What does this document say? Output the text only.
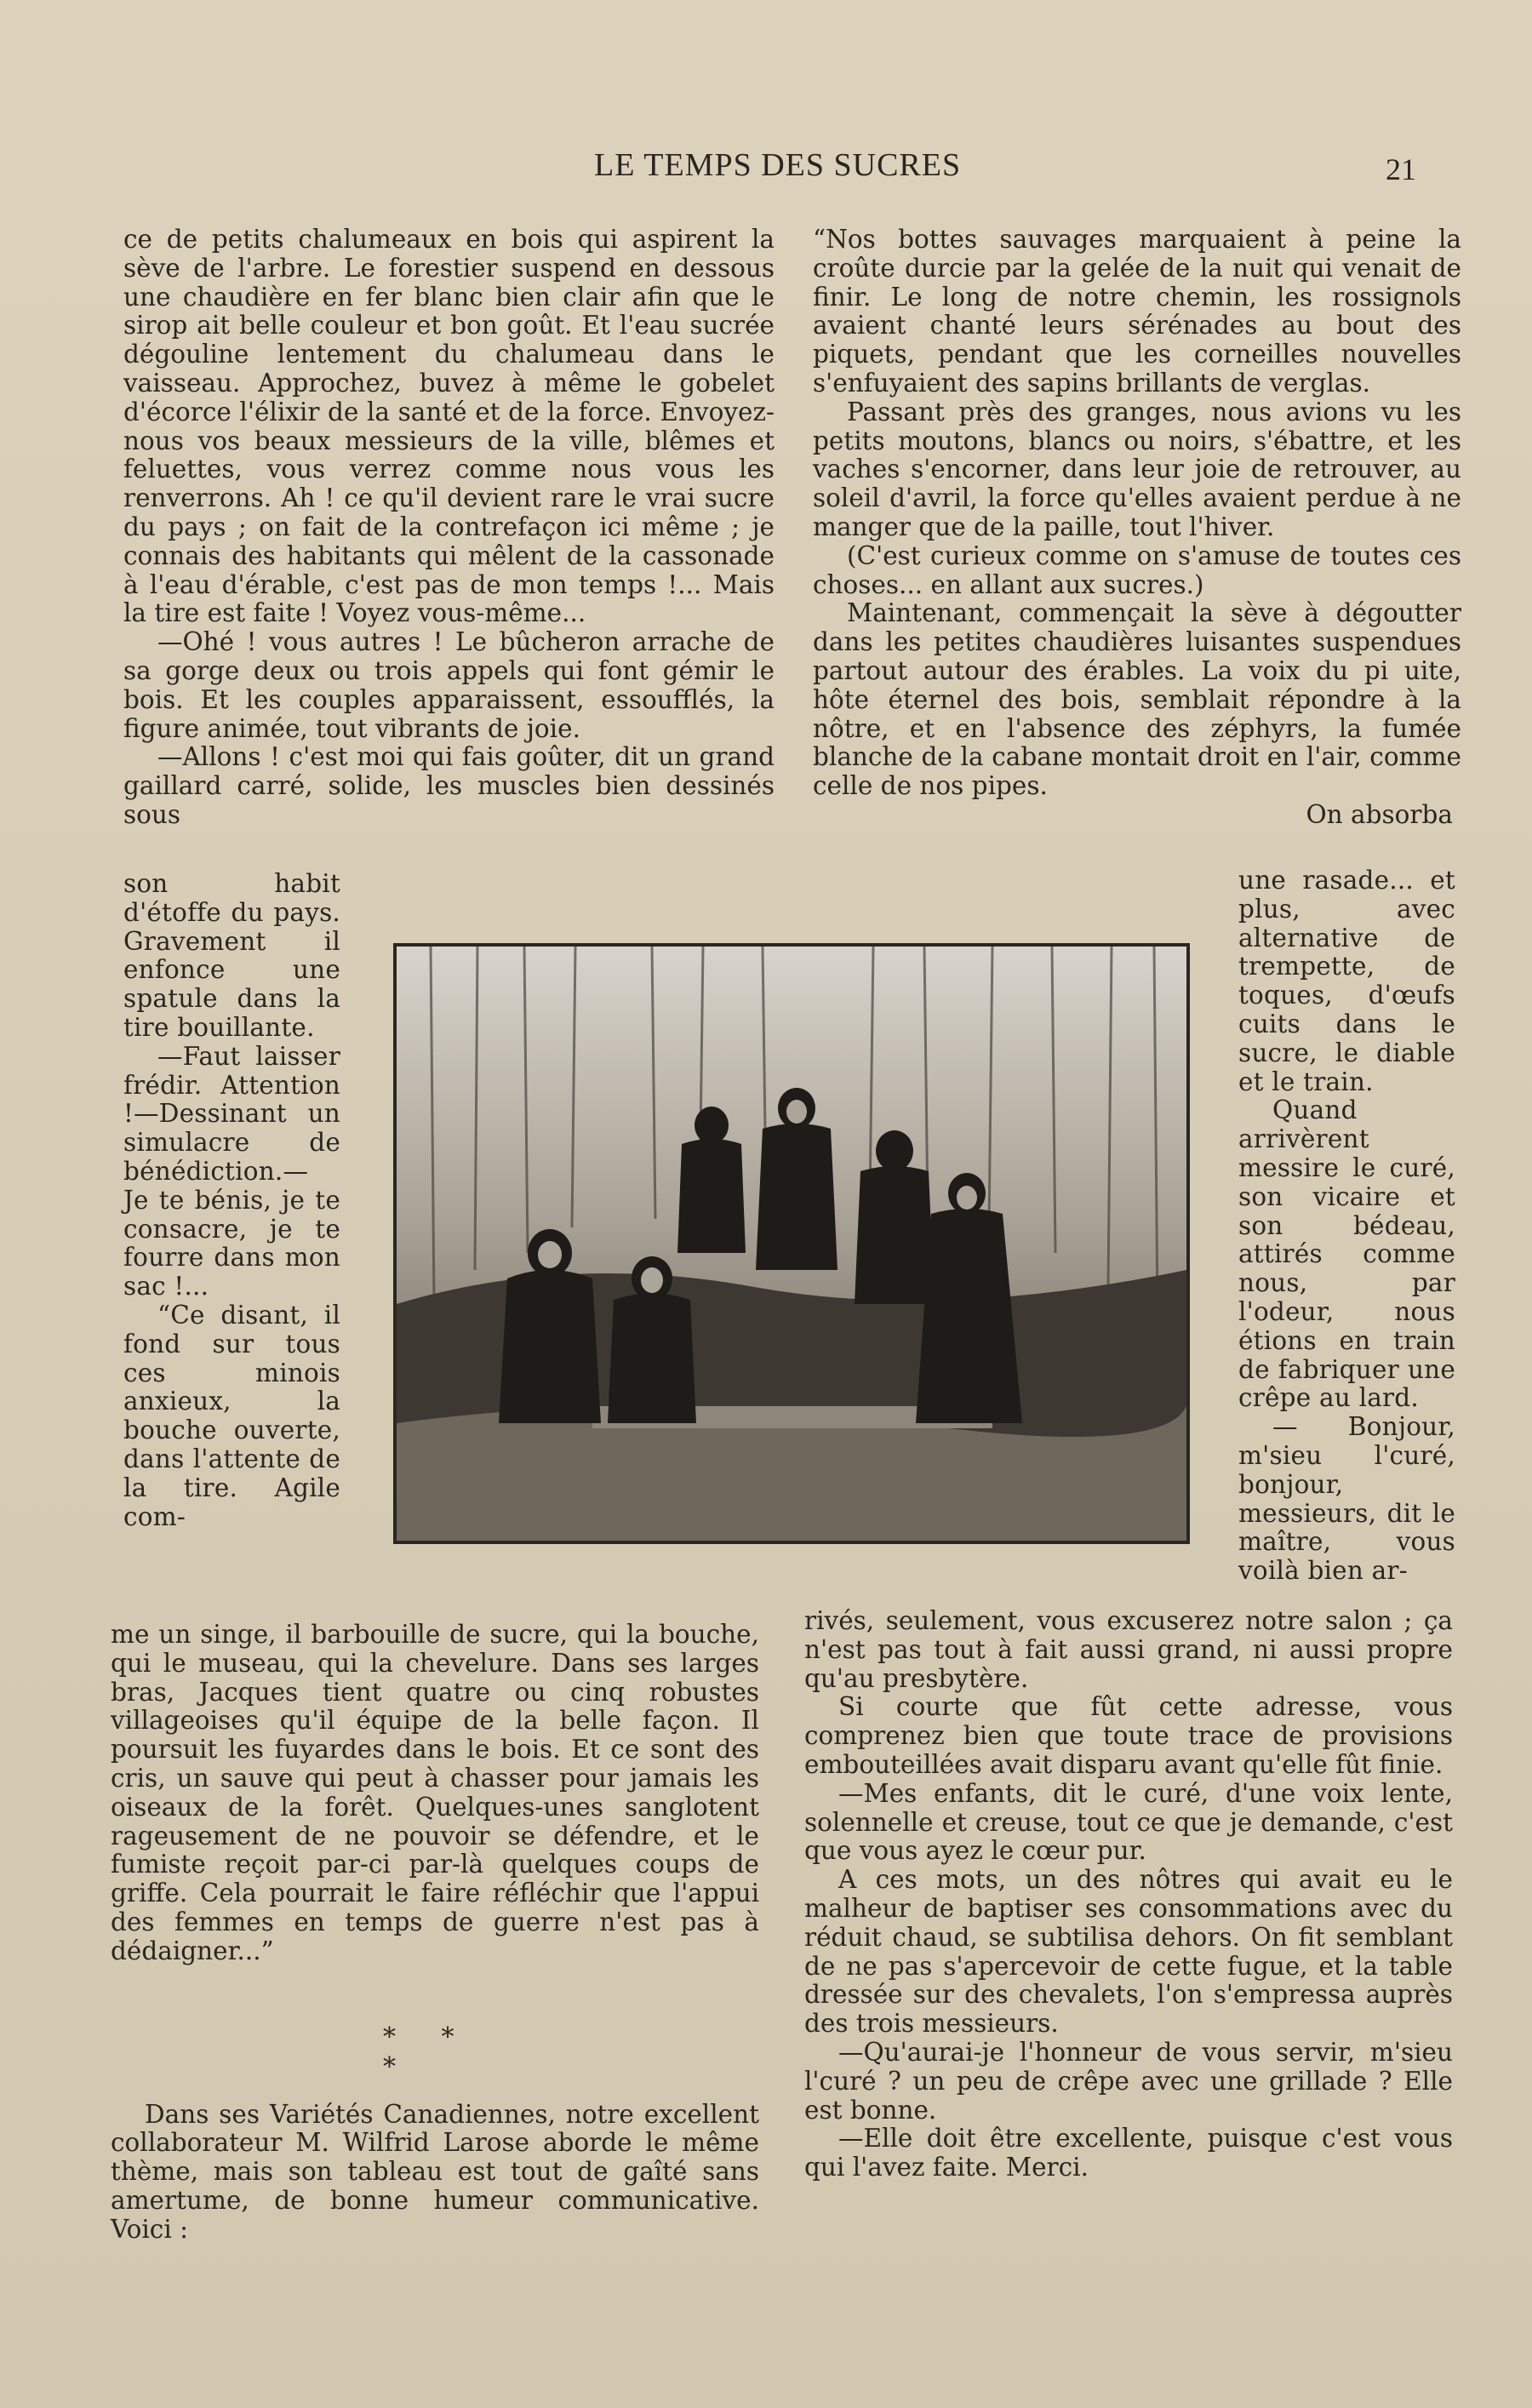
LE TEMPS DES SUCRES	21

ce de petits chalumeaux en bois qui aspirent la sève de l'arbre. Le forestier suspend en dessous une chaudière en fer blanc bien clair afin que le sirop ait belle couleur et bon goût. Et l'eau sucrée dégouline lentement du chalumeau dans le vaisseau. Approchez, buvez à même le gobelet d'écorce l'élixir de la santé et de la force. Envoyez-nous vos beaux messieurs de la ville, blêmes et feluettes, vous verrez comme nous vous les renverrons. Ah ! ce qu'il devient rare le vrai sucre du pays ; on fait de la contrefaçon ici même ; je connais des habitants qui mêlent de la cassonade à l'eau d'érable, c'est pas de mon temps !... Mais la tire est faite ! Voyez vous-même...

—Ohé ! vous autres ! Le bûcheron arrache de sa gorge deux ou trois appels qui font gémir le bois. Et les couples apparaissent, essoufflés, la figure animée, tout vibrants de joie.

—Allons ! c'est moi qui fais goûter, dit un grand gaillard carré, solide, les muscles bien dessinés sous

son habit d'étoffe du pays. Gravement il enfonce une spatule dans la tire bouillante.

—Faut laisser frédir. Attention !—Dessinant un simulacre de bénédiction.— Je te bénis, je te consacre, je te fourre dans mon sac !...

“Ce disant, il fond sur tous ces minois anxieux, la bouche ouverte, dans l'attente de la tire. Agile com-

me un singe, il barbouille de sucre, qui la bouche, qui le museau, qui la chevelure. Dans ses larges bras, Jacques tient quatre ou cinq robustes villageoises qu'il équipe de la belle façon. Il poursuit les fuyardes dans le bois. Et ce sont des cris, un sauve qui peut à chasser pour jamais les oiseaux de la forêt. Quelques-unes sanglotent rageusement de ne pouvoir se défendre, et le fumiste reçoit par-ci par-là quelques coups de griffe. Cela pourrait le faire réfléchir que l'appui des femmes en temps de guerre n'est pas à dédaigner...”

Dans ses Variétés Canadiennes, notre excellent collaborateur M. Wilfrid Larose aborde le même thème, mais son tableau est tout de gaîté sans amertume, de bonne humeur communicative. Voici :

* * *

“Nos bottes sauvages marquaient à peine la croûte durcie par la gelée de la nuit qui venait de finir. Le long de notre chemin, les rossignols avaient chanté leurs sérénades au bout des piquets, pendant que les corneilles nouvelles s'enfuyaient des sapins brillants de verglas.

Passant près des granges, nous avions vu les petits moutons, blancs ou noirs, s'ébattre, et les vaches s'encorner, dans leur joie de retrouver, au soleil d'avril, la force qu'elles avaient perdue à ne manger que de la paille, tout l'hiver.

(C'est curieux comme on s'amuse de toutes ces choses... en allant aux sucres.)

Maintenant, commençait la sève à dégoutter dans les petites chaudières luisantes suspendues partout autour des érables. La voix du pi uite, hôte éternel des bois, semblait répondre à la nôtre, et en l'absence des zéphyrs, la fumée blanche de la cabane montait droit en l'air, comme celle de nos pipes.

On absorba

une rasade... et plus, avec alternative de trempette, de toques, d'œufs cuits dans le sucre, le diable et le train.

Quand arrivèrent messire le curé, son vicaire et son bédeau, attirés comme nous, par l'odeur, nous étions en train de fabriquer une crêpe au lard.

— Bonjour, m'sieu l'curé, bonjour, messieurs, dit le maître, vous voilà bien ar-

rivés, seulement, vous excuserez notre salon ; ça n'est pas tout à fait aussi grand, ni aussi propre qu'au presbytère.

Si courte que fût cette adresse, vous comprenez bien que toute trace de provisions embouteillées avait disparu avant qu'elle fût finie.

—Mes enfants, dit le curé, d'une voix lente, solennelle et creuse, tout ce que je demande, c'est que vous ayez le cœur pur.

A ces mots, un des nôtres qui avait eu le malheur de baptiser ses consommations avec du réduit chaud, se subtilisa dehors. On fit semblant de ne pas s'apercevoir de cette fugue, et la table dressée sur des chevalets, l'on s'empressa auprès des trois messieurs.

—Qu'aurai-je l'honneur de vous servir, m'sieu l'curé ? un peu de crêpe avec une grillade ? Elle est bonne.

—Elle doit être excellente, puisque c'est vous qui l'avez faite. Merci.
